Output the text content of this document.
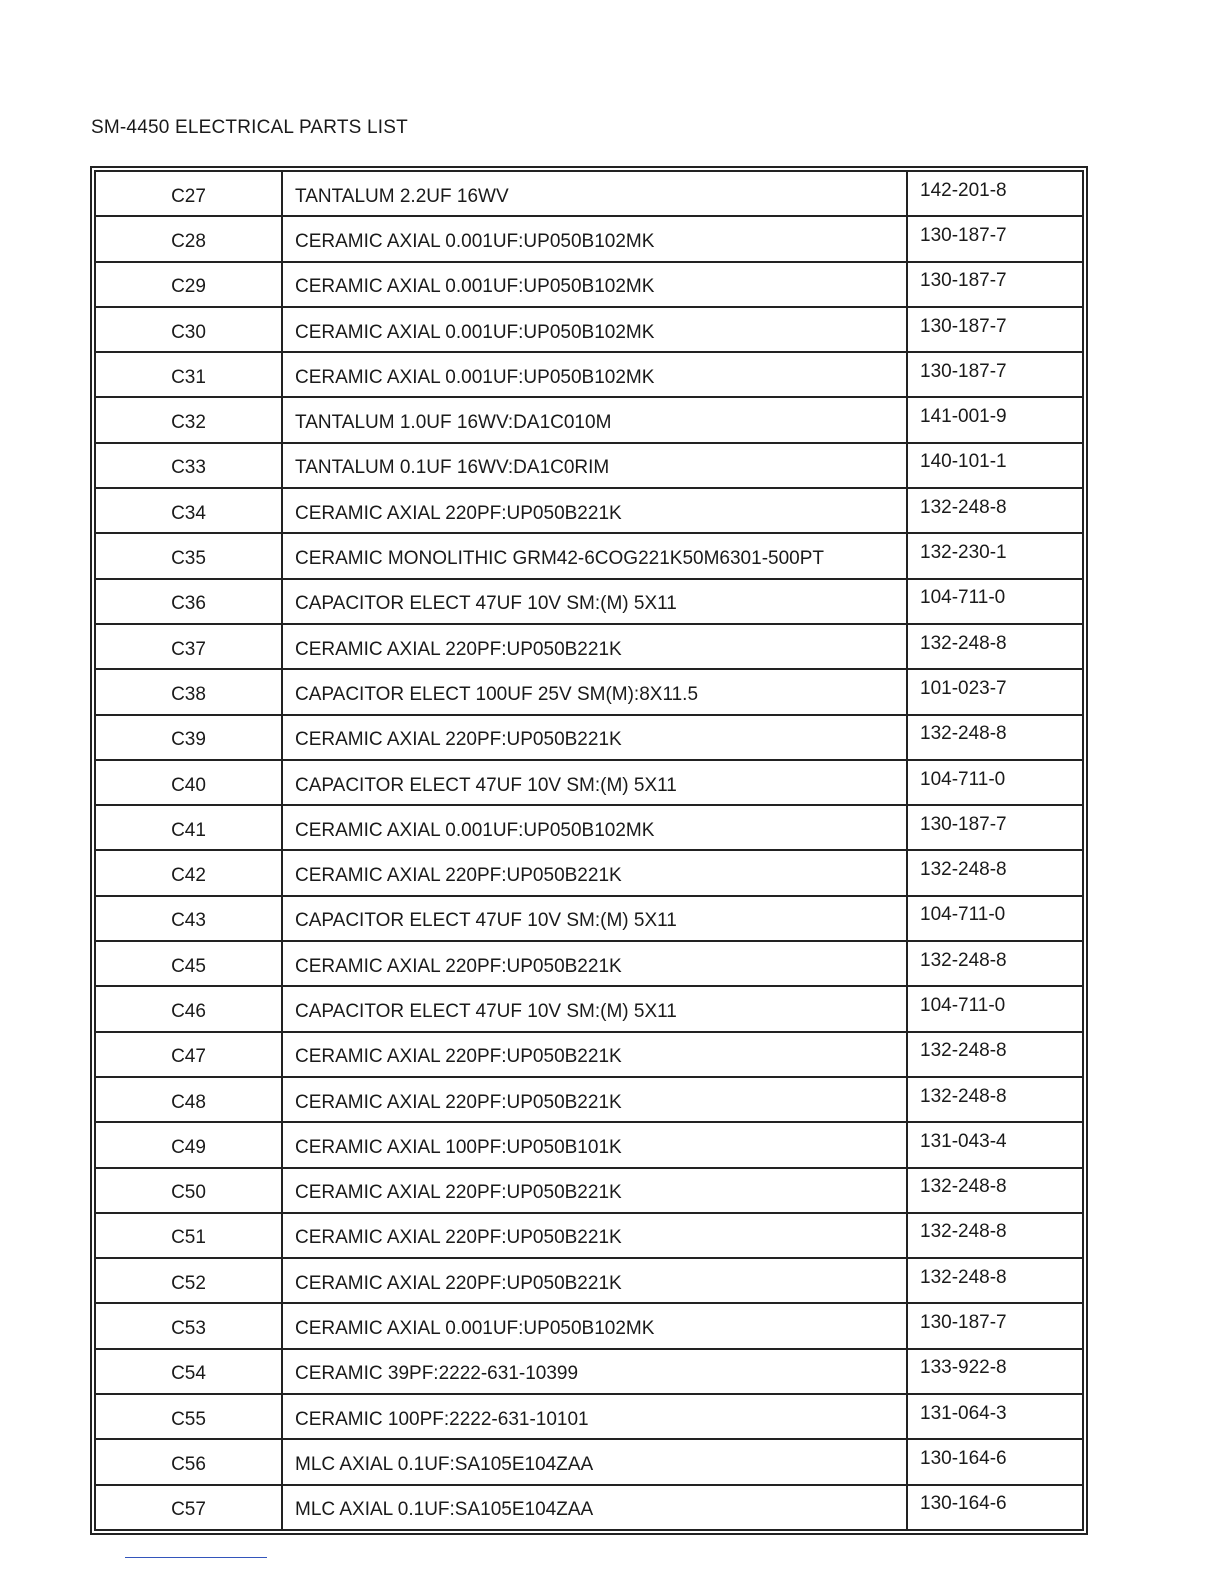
SM-4450 ELECTRICAL PARTS LIST
C27	TANTALUM 2.2UF 16WV	142-201-8
C28	CERAMIC AXIAL 0.001UF:UP050B102MK	130-187-7
C29	CERAMIC AXIAL 0.001UF:UP050B102MK	130-187-7
C30	CERAMIC AXIAL 0.001UF:UP050B102MK	130-187-7
C31	CERAMIC AXIAL 0.001UF:UP050B102MK	130-187-7
C32	TANTALUM 1.0UF 16WV:DA1C010M	141-001-9
C33	TANTALUM 0.1UF 16WV:DA1C0RIM	140-101-1
C34	CERAMIC AXIAL 220PF:UP050B221K	132-248-8
C35	CERAMIC MONOLITHIC GRM42-6COG221K50M6301-500PT	132-230-1
C36	CAPACITOR ELECT 47UF 10V SM:(M) 5X11	104-711-0
C37	CERAMIC AXIAL 220PF:UP050B221K	132-248-8
C38	CAPACITOR ELECT 100UF 25V SM(M):8X11.5	101-023-7
C39	CERAMIC AXIAL 220PF:UP050B221K	132-248-8
C40	CAPACITOR ELECT 47UF 10V SM:(M) 5X11	104-711-0
C41	CERAMIC AXIAL 0.001UF:UP050B102MK	130-187-7
C42	CERAMIC AXIAL 220PF:UP050B221K	132-248-8
C43	CAPACITOR ELECT 47UF 10V SM:(M) 5X11	104-711-0
C45	CERAMIC AXIAL 220PF:UP050B221K	132-248-8
C46	CAPACITOR ELECT 47UF 10V SM:(M) 5X11	104-711-0
C47	CERAMIC AXIAL 220PF:UP050B221K	132-248-8
C48	CERAMIC AXIAL 220PF:UP050B221K	132-248-8
C49	CERAMIC AXIAL 100PF:UP050B101K	131-043-4
C50	CERAMIC AXIAL 220PF:UP050B221K	132-248-8
C51	CERAMIC AXIAL 220PF:UP050B221K	132-248-8
C52	CERAMIC AXIAL 220PF:UP050B221K	132-248-8
C53	CERAMIC AXIAL 0.001UF:UP050B102MK	130-187-7
C54	CERAMIC 39PF:2222-631-10399	133-922-8
C55	CERAMIC 100PF:2222-631-10101	131-064-3
C56	MLC AXIAL 0.1UF:SA105E104ZAA	130-164-6
C57	MLC AXIAL 0.1UF:SA105E104ZAA	130-164-6
